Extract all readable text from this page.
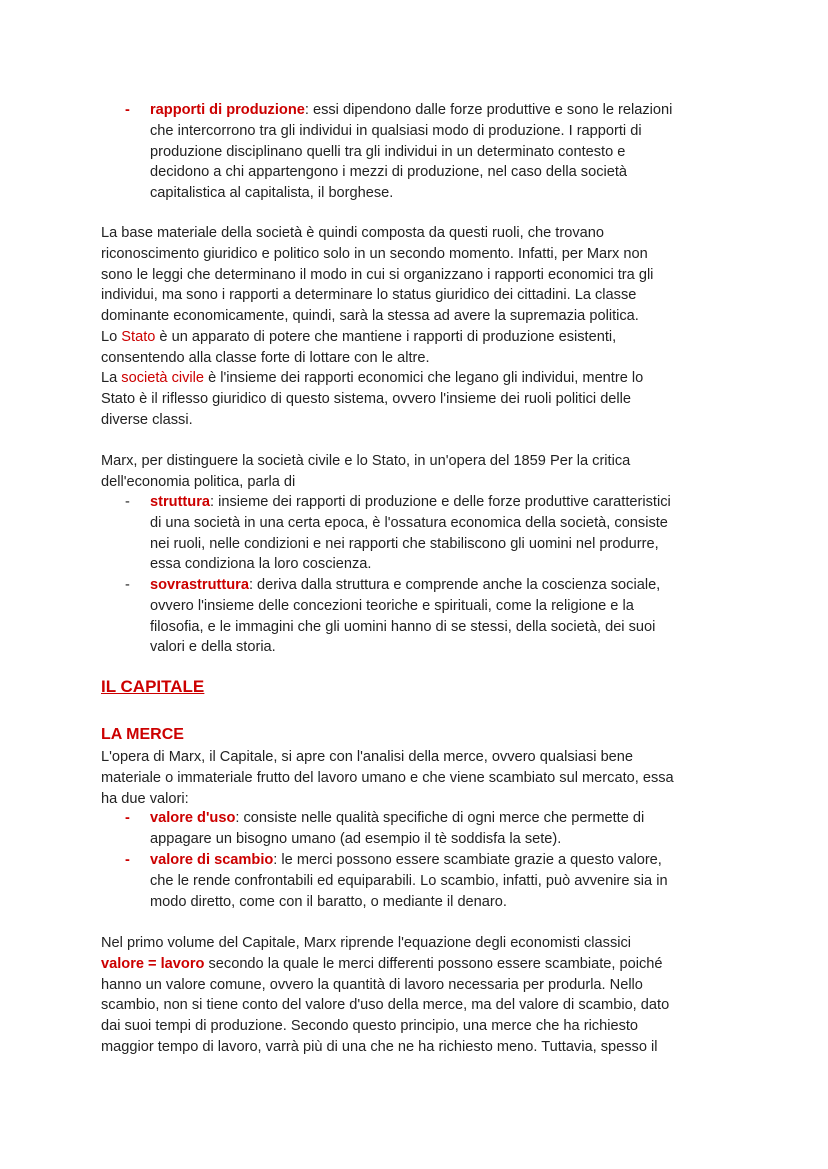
- rapporti di produzione: essi dipendono dalle forze produttive e sono le relazioni
che intercorrono tra gli individui in qualsiasi modo di produzione. I rapporti di
produzione disciplinano quelli tra gli individui in un determinato contesto e
decidono a chi appartengono i mezzi di produzione, nel caso della società
capitalistica al capitalista, il borghese.
La base materiale della società è quindi composta da questi ruoli, che trovano
riconoscimento giuridico e politico solo in un secondo momento. Infatti, per Marx non
sono le leggi che determinano il modo in cui si organizzano i rapporti economici tra gli
individui, ma sono i rapporti a determinare lo status giuridico dei cittadini. La classe
dominante economicamente, quindi, sarà la stessa ad avere la supremazia politica.
Lo Stato è un apparato di potere che mantiene i rapporti di produzione esistenti,
consentendo alla classe forte di lottare con le altre.
La società civile è l'insieme dei rapporti economici che legano gli individui, mentre lo
Stato è il riflesso giuridico di questo sistema, ovvero l'insieme dei ruoli politici delle
diverse classi.
Marx, per distinguere la società civile e lo Stato, in un'opera del 1859 Per la critica
dell'economia politica, parla di
- struttura: insieme dei rapporti di produzione e delle forze produttive caratteristici
di una società in una certa epoca, è l'ossatura economica della società, consiste
nei ruoli, nelle condizioni e nei rapporti che stabiliscono gli uomini nel produrre,
essa condiziona la loro coscienza.
- sovrastruttura: deriva dalla struttura e comprende anche la coscienza sociale,
ovvero l'insieme delle concezioni teoriche e spirituali, come la religione e la
filosofia, e le immagini che gli uomini hanno di se stessi, della società, dei suoi
valori e della storia.
IL CAPITALE
LA MERCE
L'opera di Marx, il Capitale, si apre con l'analisi della merce, ovvero qualsiasi bene
materiale o immateriale frutto del lavoro umano e che viene scambiato sul mercato, essa
ha due valori:
- valore d'uso: consiste nelle qualità specifiche di ogni merce che permette di
appagare un bisogno umano (ad esempio il tè soddisfa la sete).
- valore di scambio: le merci possono essere scambiate grazie a questo valore,
che le rende confrontabili ed equiparabili. Lo scambio, infatti, può avvenire sia in
modo diretto, come con il baratto, o mediante il denaro.
Nel primo volume del Capitale, Marx riprende l'equazione degli economisti classici
valore = lavoro secondo la quale le merci differenti possono essere scambiate, poiché
hanno un valore comune, ovvero la quantità di lavoro necessaria per produrla. Nello
scambio, non si tiene conto del valore d'uso della merce, ma del valore di scambio, dato
dai suoi tempi di produzione. Secondo questo principio, una merce che ha richiesto
maggior tempo di lavoro, varrà più di una che ne ha richiesto meno. Tuttavia, spesso il
